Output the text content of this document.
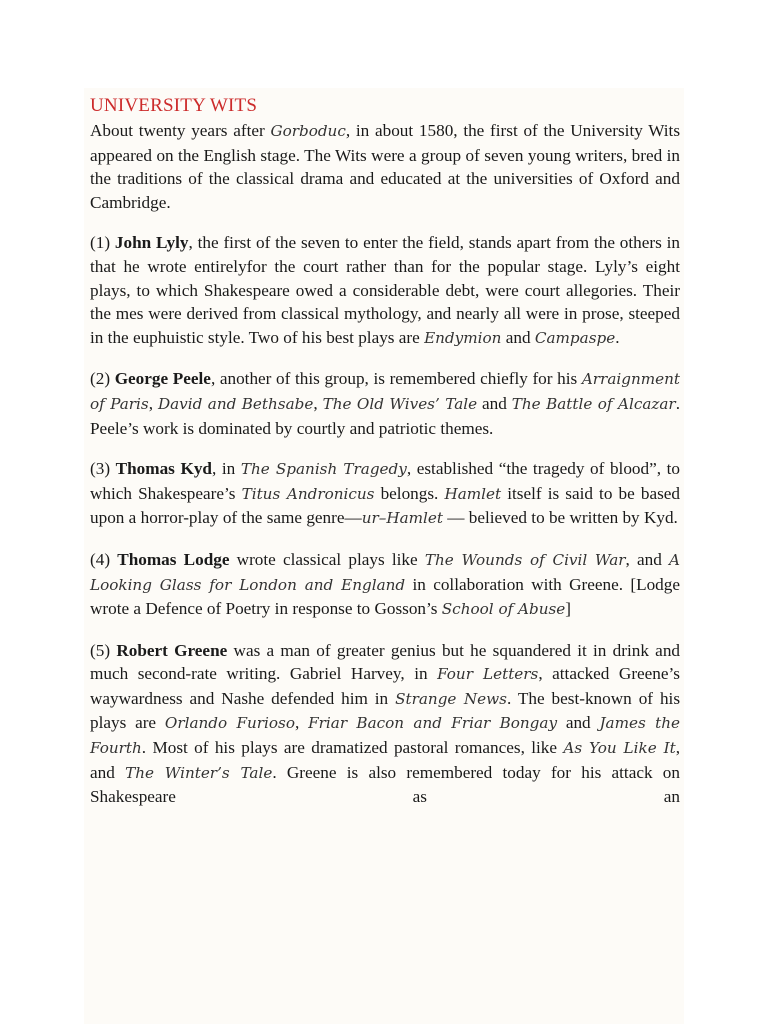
UNIVERSITY WITS

About twenty years after Gorboduc, in about 1580, the first of the University Wits appeared on the English stage. The Wits were a group of seven young writers, bred in the traditions of the classical drama and educated at the universities of Oxford and Cambridge.

(1) John Lyly, the first of the seven to enter the field, stands apart from the others in that he wrote entirelyfor the court rather than for the popular stage. Lyly’s eight plays, to which Shakespeare owed a considerable debt, were court allegories. Their the mes were derived from classical mythology, and nearly all were in prose, steeped in the euphuistic style. Two of his best plays are Endymion and Campaspe.

(2) George Peele, another of this group, is remembered chiefly for his Arraignment of Paris, David and Bethsabe, The Old Wives’ Tale and The Battle of Alcazar. Peele’s work is dominated by courtly and patriotic themes.

(3) Thomas Kyd, in The Spanish Tragedy, established “the tragedy of blood”, to which Shakespeare’s Titus Andronicus belongs. Hamlet itself is said to be based upon a horror-play of the same genre—ur–Hamlet — believed to be written by Kyd.

(4) Thomas Lodge wrote classical plays like The Wounds of Civil War, and A Looking Glass for London and England in collaboration with Greene. [Lodge wrote a Defence of Poetry in response to Gosson’s School of Abuse]

(5) Robert Greene was a man of greater genius but he squandered it in drink and much second-rate writing. Gabriel Harvey, in Four Letters, attacked Greene’s waywardness and Nashe defended him in Strange News. The best-known of his plays are Orlando Furioso, Friar Bacon and Friar Bongay and James the Fourth. Most of his plays are dramatized pastoral romances, like As You Like It, and The Winter’s Tale. Greene is also remembered today for his attack on Shakespeare as an
